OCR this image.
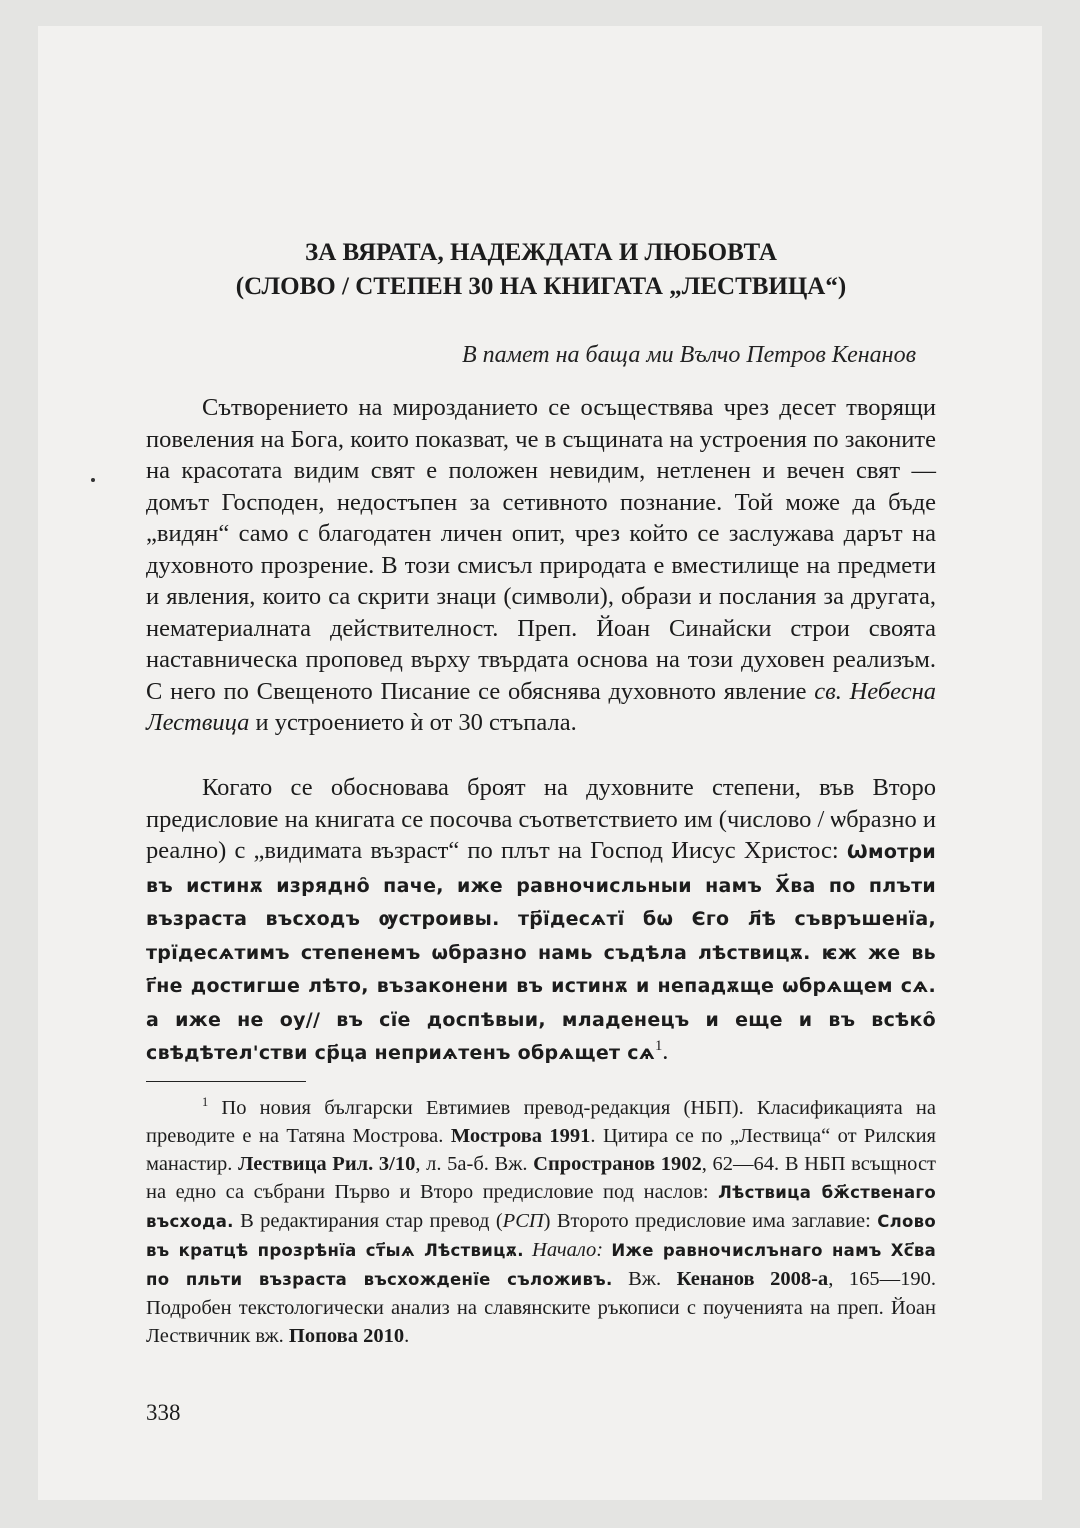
ЗА ВЯРАТА, НАДЕЖДАТА И ЛЮБОВТА
(СЛОВО / СТЕПЕН 30 НА КНИГАТА „ЛЕСТВИЦА“)
В памет на баща ми Вълчо Петров Кенанов

Сътворението на мирозданието се осъществява чрез десет творящи повеления на Бога, които показват, че в същината на устроения по законите на красотата видим свят е положен невидим, нетленен и вечен свят — домът Господен, недостъпен за сетивното познание. Той може да бъде „видян“ само с благодатен личен опит, чрез който се заслужава дарът на духовното прозрение. В този смисъл природата е вместилище на предмети и явления, които са скрити знаци (символи), образи и послания за другата, нематериалната действителност. Преп. Йоан Синайски строи своята наставническа проповед върху твърдата основа на този духовен реализъм. С него по Свещеното Писание се обяснява духовното явление св. Небесна Лествица и устроението ѝ от 30 стъпала.

Когато се обосновава броят на духовните степени, във Второ предисловие на книгата се посочва съответствието им (числово / ѡбразно и реално) с „видимата възраст“ по плът на Господ Иисус Христос: Ѡмотри въ истинѫ изрядно̑ паче, иже равночисльныи намъ Х҃ва по плъти възраста въсходъ ѹстроивы. тр҃їдесѧтї бѡ Єго л҃ѣ съвръшенїа, трїдесѧтимъ степенемъ ѡбразно намь съдѣла лѣствицѫ. ѥж же вь г҃не достигше лѣто, възаконени въ истинѫ и непадѫще ѡбрѧщем сѧ. а иже не оу// въ сїе доспѣвыи, младенецъ и еще и въ всѣко̑ свѣдѣтел'стви ср҃ца неприѧтенъ обрѧщет $сѧ^1$.

$^1$ По новия български Евтимиев превод-редакция (НБП). Класификацията на преводите е на Татяна Мострова. Мострова 1991. Цитира се по „Лествица“ от Рилския манастир. Лествица Рил. 3/10, л. 5а-б. Вж. Спространов 1902, 62—64. В НБП всъщност на едно са събрани Първо и Второ предисловие под наслов: Лѣствица бж҃ственаго въсхода. В редактирания стар превод (РСП) Второто предисловие има заглавие: Слово въ кратцѣ прозрѣнїа ст҃ыѧ Лѣствицѫ. Начало: Иже равночислънаго намъ Хс҃ва по пльти възраста въсхожденїе съложивъ. Вж. Кенанов 2008-а, 165—190. Подробен текстологически анализ на славянските ръкописи с поученията на преп. Йоан Лествичник вж. Попова 2010.

338
